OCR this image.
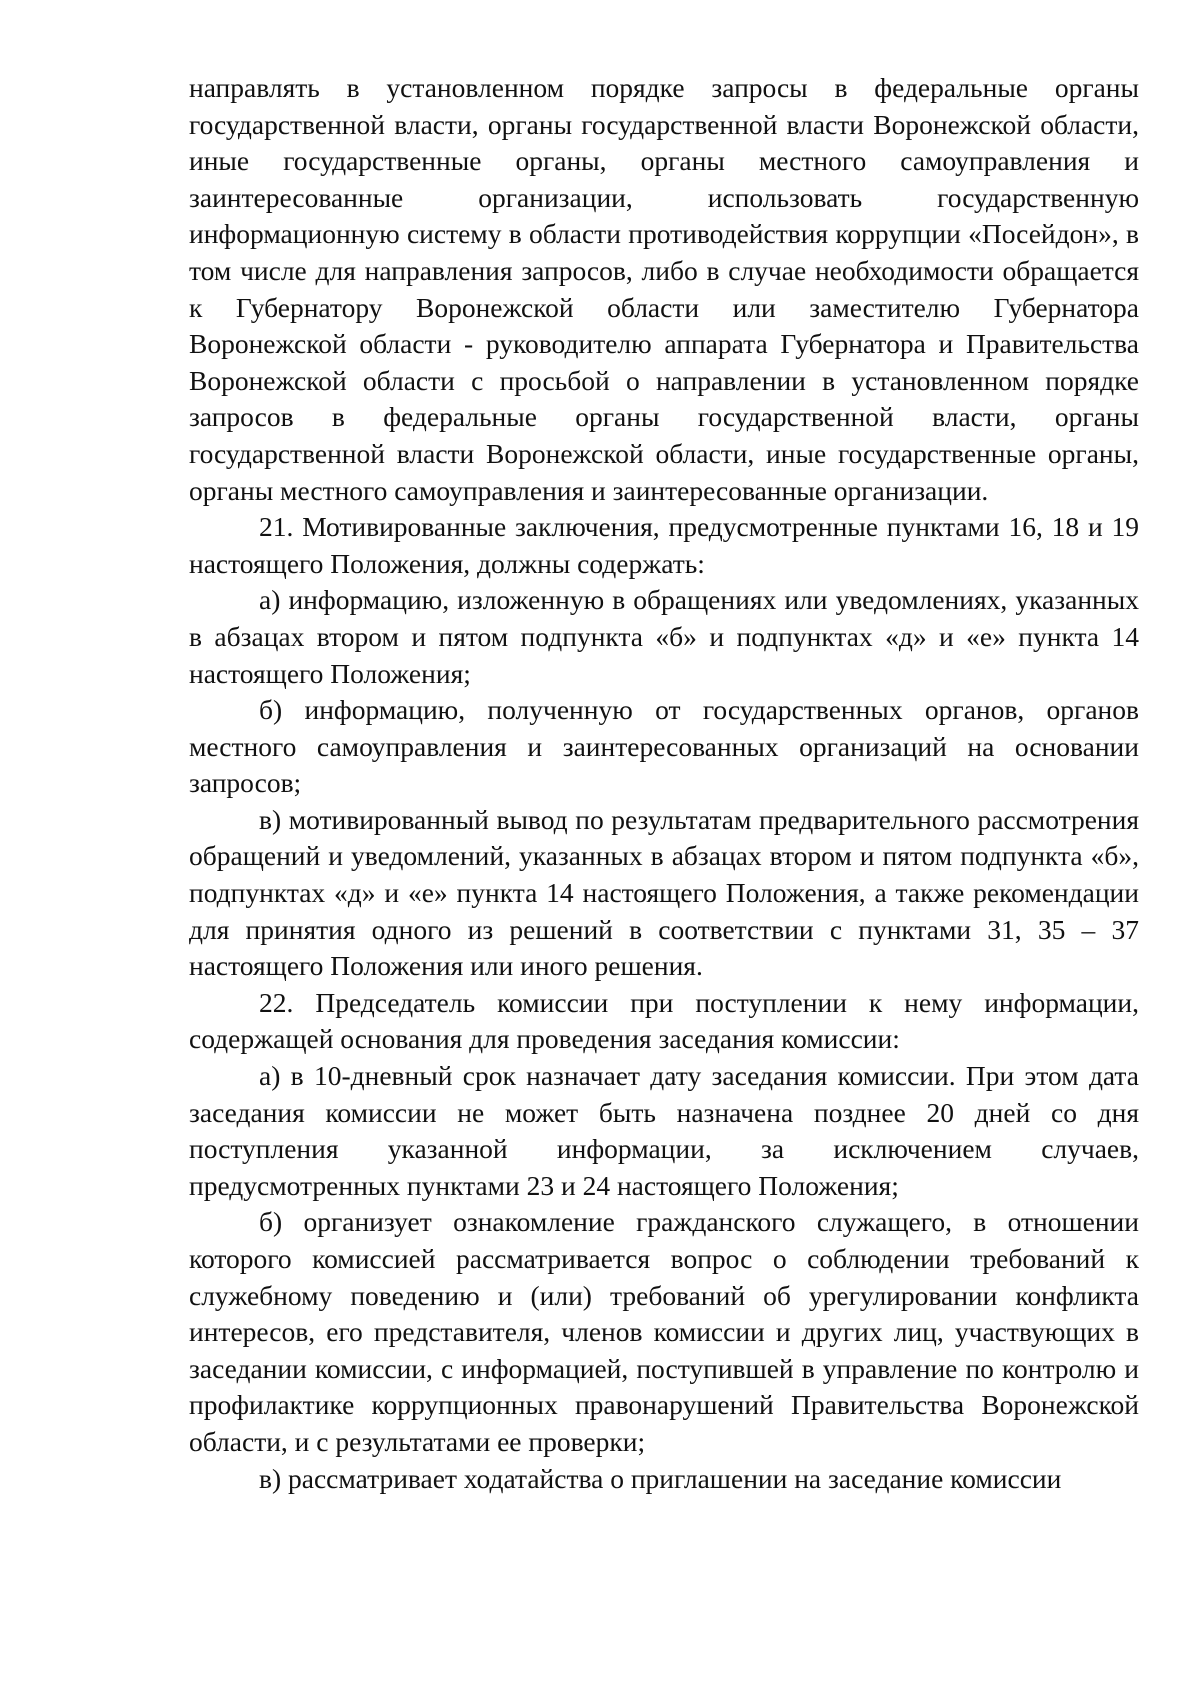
направлять в установленном порядке запросы в федеральные органы государственной власти, органы государственной власти Воронежской области, иные государственные органы, органы местного самоуправления и заинтересованные организации, использовать государственную информационную систему в области противодействия коррупции «Посейдон», в том числе для направления запросов, либо в случае необходимости обращается к Губернатору Воронежской области или заместителю Губернатора Воронежской области - руководителю аппарата Губернатора и Правительства Воронежской области с просьбой о направлении в установленном порядке запросов в федеральные органы государственной власти, органы государственной власти Воронежской области, иные государственные органы, органы местного самоуправления и заинтересованные организации.

21. Мотивированные заключения, предусмотренные пунктами 16, 18 и 19 настоящего Положения, должны содержать:

а) информацию, изложенную в обращениях или уведомлениях, указанных в абзацах втором и пятом подпункта «б» и подпунктах «д» и «е» пункта 14 настоящего Положения;

б) информацию, полученную от государственных органов, органов местного самоуправления и заинтересованных организаций на основании запросов;

в) мотивированный вывод по результатам предварительного рассмотрения обращений и уведомлений, указанных в абзацах втором и пятом подпункта «б», подпунктах «д» и «е» пункта 14 настоящего Положения, а также рекомендации для принятия одного из решений в соответствии с пунктами 31, 35 – 37 настоящего Положения или иного решения.

22. Председатель комиссии при поступлении к нему информации, содержащей основания для проведения заседания комиссии:

а) в 10-дневный срок назначает дату заседания комиссии. При этом дата заседания комиссии не может быть назначена позднее 20 дней со дня поступления указанной информации, за исключением случаев, предусмотренных пунктами 23 и 24 настоящего Положения;

б) организует ознакомление гражданского служащего, в отношении которого комиссией рассматривается вопрос о соблюдении требований к служебному поведению и (или) требований об урегулировании конфликта интересов, его представителя, членов комиссии и других лиц, участвующих в заседании комиссии, с информацией, поступившей в управление по контролю и профилактике коррупционных правонарушений Правительства Воронежской области, и с результатами ее проверки;

в) рассматривает ходатайства о приглашении на заседание комиссии
